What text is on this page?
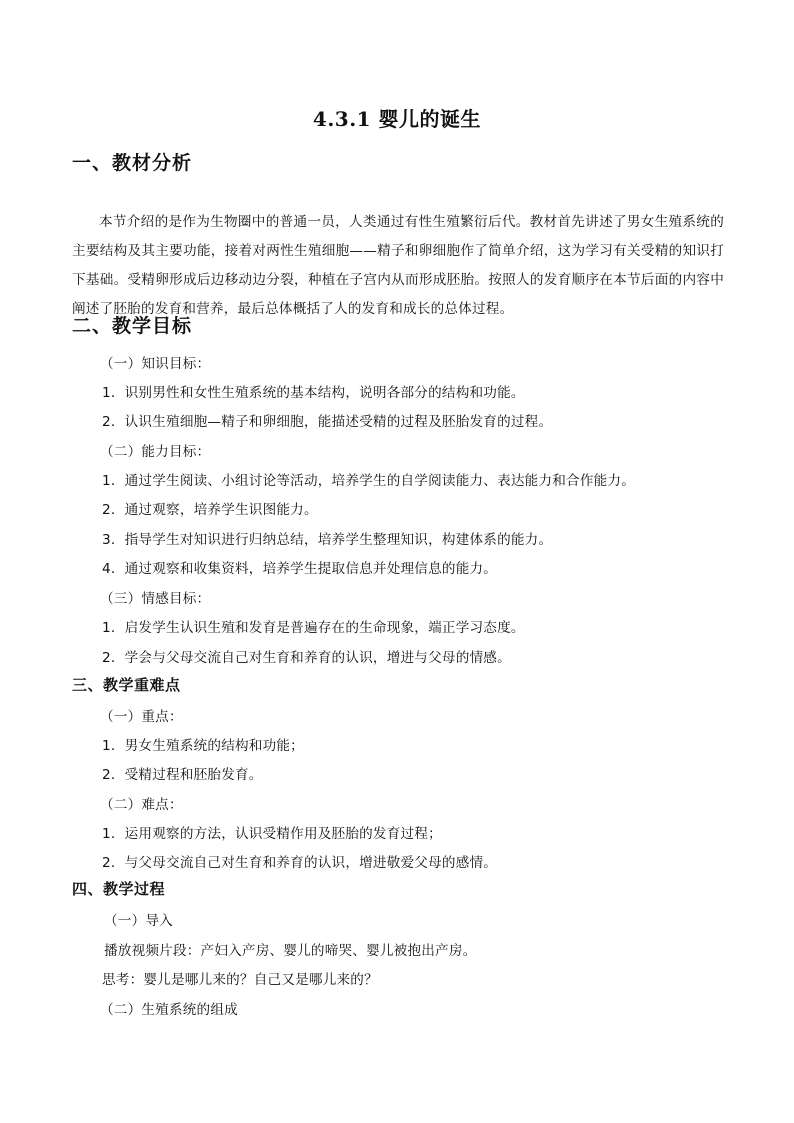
4.3.1 婴儿的诞生
一、教材分析

本节介绍的是作为生物圈中的普通一员，人类通过有性生殖繁衍后代。教材首先讲述了男女生殖系统的主要结构及其主要功能，接着对两性生殖细胞——精子和卵细胞作了简单介绍，这为学习有关受精的知识打下基础。受精卵形成后边移动边分裂，种植在子宫内从而形成胚胎。按照人的发育顺序在本节后面的内容中阐述了胚胎的发育和营养，最后总体概括了人的发育和成长的总体过程。

二、教学目标
（一）知识目标：
1．识别男性和女性生殖系统的基本结构，说明各部分的结构和功能。
2．认识生殖细胞—精子和卵细胞，能描述受精的过程及胚胎发育的过程。
（二）能力目标：
1．通过学生阅读、小组讨论等活动，培养学生的自学阅读能力、表达能力和合作能力。
2．通过观察，培养学生识图能力。
3．指导学生对知识进行归纳总结，培养学生整理知识，构建体系的能力。
4．通过观察和收集资料，培养学生提取信息并处理信息的能力。
（三）情感目标：
1．启发学生认识生殖和发育是普遍存在的生命现象，端正学习态度。
2．学会与父母交流自己对生育和养育的认识，增进与父母的情感。
三、教学重难点
（一）重点：
1．男女生殖系统的结构和功能；
2．受精过程和胚胎发育。
（二）难点：
1．运用观察的方法，认识受精作用及胚胎的发育过程；
2．与父母交流自己对生育和养育的认识，增进敬爱父母的感情。
四、教学过程
（一）导入
播放视频片段：产妇入产房、婴儿的啼哭、婴儿被抱出产房。
思考：婴儿是哪儿来的？自己又是哪儿来的？
（二）生殖系统的组成
